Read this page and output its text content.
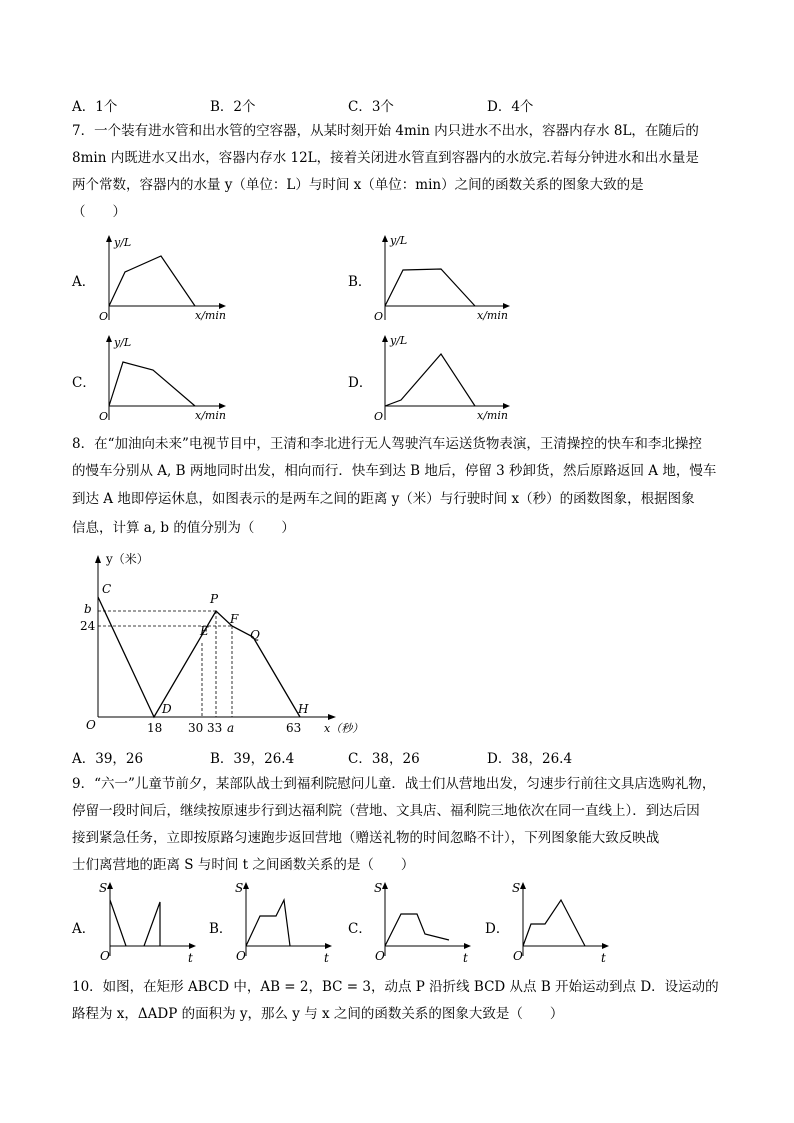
A．1个	B．2个	C．3个	D．4个
7．一个装有进水管和出水管的空容器，从某时刻开始 4min 内只进水不出水，容器内存水 8L，在随后的
8min 内既进水又出水，容器内存水 12L，接着关闭进水管直到容器内的水放完.若每分钟进水和出水量是
两个常数，容器内的水量 y（单位：L）与时间 x（单位：min）之间的函数关系的图象大致的是
（　　）
A．
y/L
O	x/min
B．
y/L
O	x/min
C．
y/L
O	x/min
D．
y/L
O	x/min
8．在“加油向未来”电视节目中，王清和李北进行无人驾驶汽车运送货物表演，王清操控的快车和李北操控
的慢车分别从 A, B 两地同时出发，相向而行．快车到达 B 地后，停留 3 秒卸货，然后原路返回 A 地，慢车
到达 A 地即停运休息，如图表示的是两车之间的距离 y（米）与行驶时间 x（秒）的函数图象，根据图象
信息，计算 a, b 的值分别为（　　）
y（米）
x（秒）
O
C
D
E
P
F
Q
H
b
24
18 30 33 a	63
A．39，26	B．39，26.4	C．38，26	D．38，26.4
9．“六一”儿童节前夕，某部队战士到福利院慰问儿童．战士们从营地出发，匀速步行前往文具店选购礼物，
停留一段时间后，继续按原速步行到达福利院（营地、文具店、福利院三地依次在同一直线上）．到达后因
接到紧急任务，立即按原路匀速跑步返回营地（赠送礼物的时间忽略不计），下列图象能大致反映战
士们离营地的距离 S 与时间 t 之间函数关系的是（　　）
A．
S
O	t
B．
S
O	t
C．
S
O	t
D．
S
O	t
10．如图，在矩形 ABCD 中，AB = 2，BC = 3，动点 P 沿折线 BCD 从点 B 开始运动到点 D．设运动的
路程为 x，ΔADP 的面积为 y，那么 y 与 x 之间的函数关系的图象大致是（　　）
